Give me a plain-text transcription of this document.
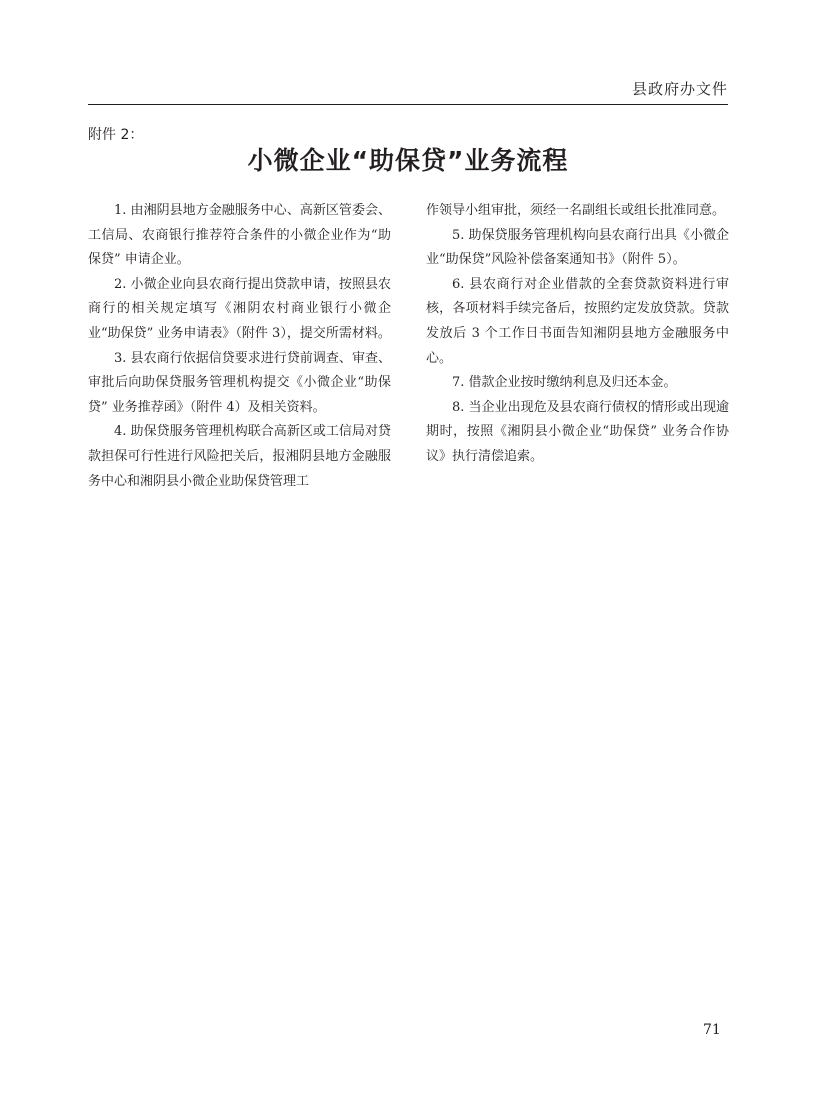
县政府办文件
附件 2：
小微企业“助保贷”业务流程

1. 由湘阴县地方金融服务中心、高新区管委会、工信局、农商银行推荐符合条件的小微企业作为“助保贷” 申请企业。

2. 小微企业向县农商行提出贷款申请，按照县农商行的相关规定填写《湘阴农村商业银行小微企业“助保贷” 业务申请表》（附件 3），提交所需材料。

3. 县农商行依据信贷要求进行贷前调查、审查、审批后向助保贷服务管理机构提交《小微企业“助保贷” 业务推荐函》（附件 4）及相关资料。

4. 助保贷服务管理机构联合高新区或工信局对贷款担保可行性进行风险把关后，报湘阴县地方金融服务中心和湘阴县小微企业助保贷管理工

作领导小组审批，须经一名副组长或组长批准同意。

5. 助保贷服务管理机构向县农商行出具《小微企业“助保贷”风险补偿备案通知书》（附件 5）。

6. 县农商行对企业借款的全套贷款资料进行审核，各项材料手续完备后，按照约定发放贷款。贷款发放后 3 个工作日书面告知湘阴县地方金融服务中心。

7. 借款企业按时缴纳利息及归还本金。

8. 当企业出现危及县农商行债权的情形或出现逾期时，按照《湘阴县小微企业“助保贷” 业务合作协议》执行清偿追索。

71
